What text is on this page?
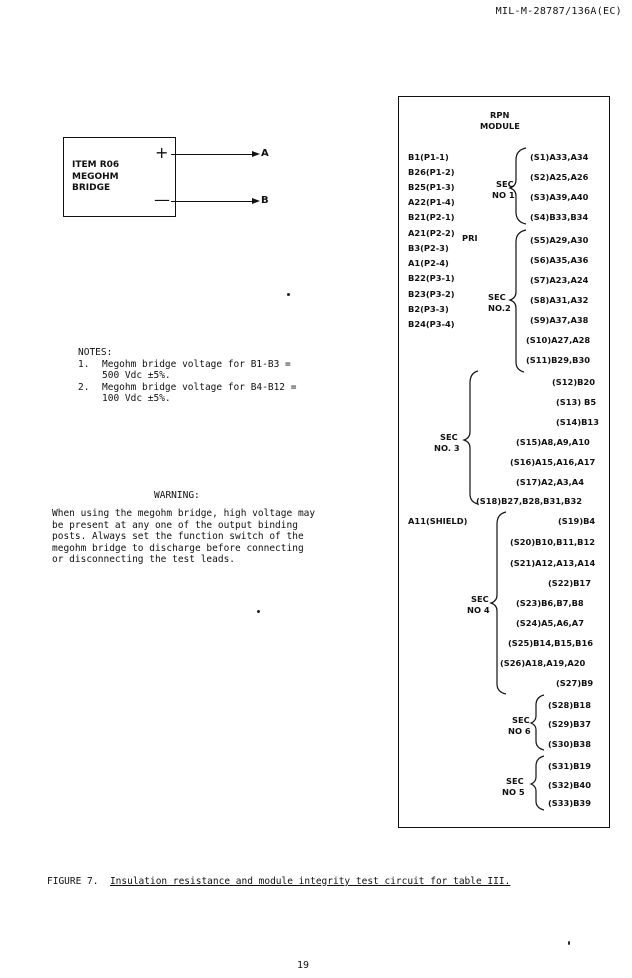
MIL-M-28787/136A(EC)
ITEM R06
MEGOHM
BRIDGE
+
—
A
B
NOTES:
1.	Megohm bridge voltage for B1-B3 =
500 Vdc ±5%.
2.	Megohm bridge voltage for B4-B12 =
100 Vdc ±5%.
WARNING:
When using the megohm bridge, high voltage may
be present at any one of the output binding
posts. Always set the function switch of the
megohm bridge to discharge before connecting
or disconnecting the test leads.
RPN
MODULE
B1(P1-1)
B26(P1-2)
B25(P1-3)
A22(P1-4)
B21(P2-1)
A21(P2-2)
B3(P2-3)
A1(P2-4)
B22(P3-1)
B23(P3-2)
B2(P3-3)
B24(P3-4)
PRI
A11(SHIELD)
SEC
NO 1
SEC
NO.2
SEC
NO. 3
SEC
NO 4
SEC
NO 6
SEC
NO 5
(S1)A33,A34
(S2)A25,A26
(S3)A39,A40
(S4)B33,B34
(S5)A29,A30
(S6)A35,A36
(S7)A23,A24
(S8)A31,A32
(S9)A37,A38
(S10)A27,A28
(S11)B29,B30
(S12)B20
(S13) B5
(S14)B13
(S15)A8,A9,A10
(S16)A15,A16,A17
(S17)A2,A3,A4
(S18)B27,B28,B31,B32
(S19)B4
(S20)B10,B11,B12
(S21)A12,A13,A14
(S22)B17
(S23)B6,B7,B8
(S24)A5,A6,A7
(S25)B14,B15,B16
(S26)A18,A19,A20
(S27)B9
(S28)B18
(S29)B37
(S30)B38
(S31)B19
(S32)B40
(S33)B39
FIGURE 7. Insulation resistance and module integrity test circuit for table III.
19
